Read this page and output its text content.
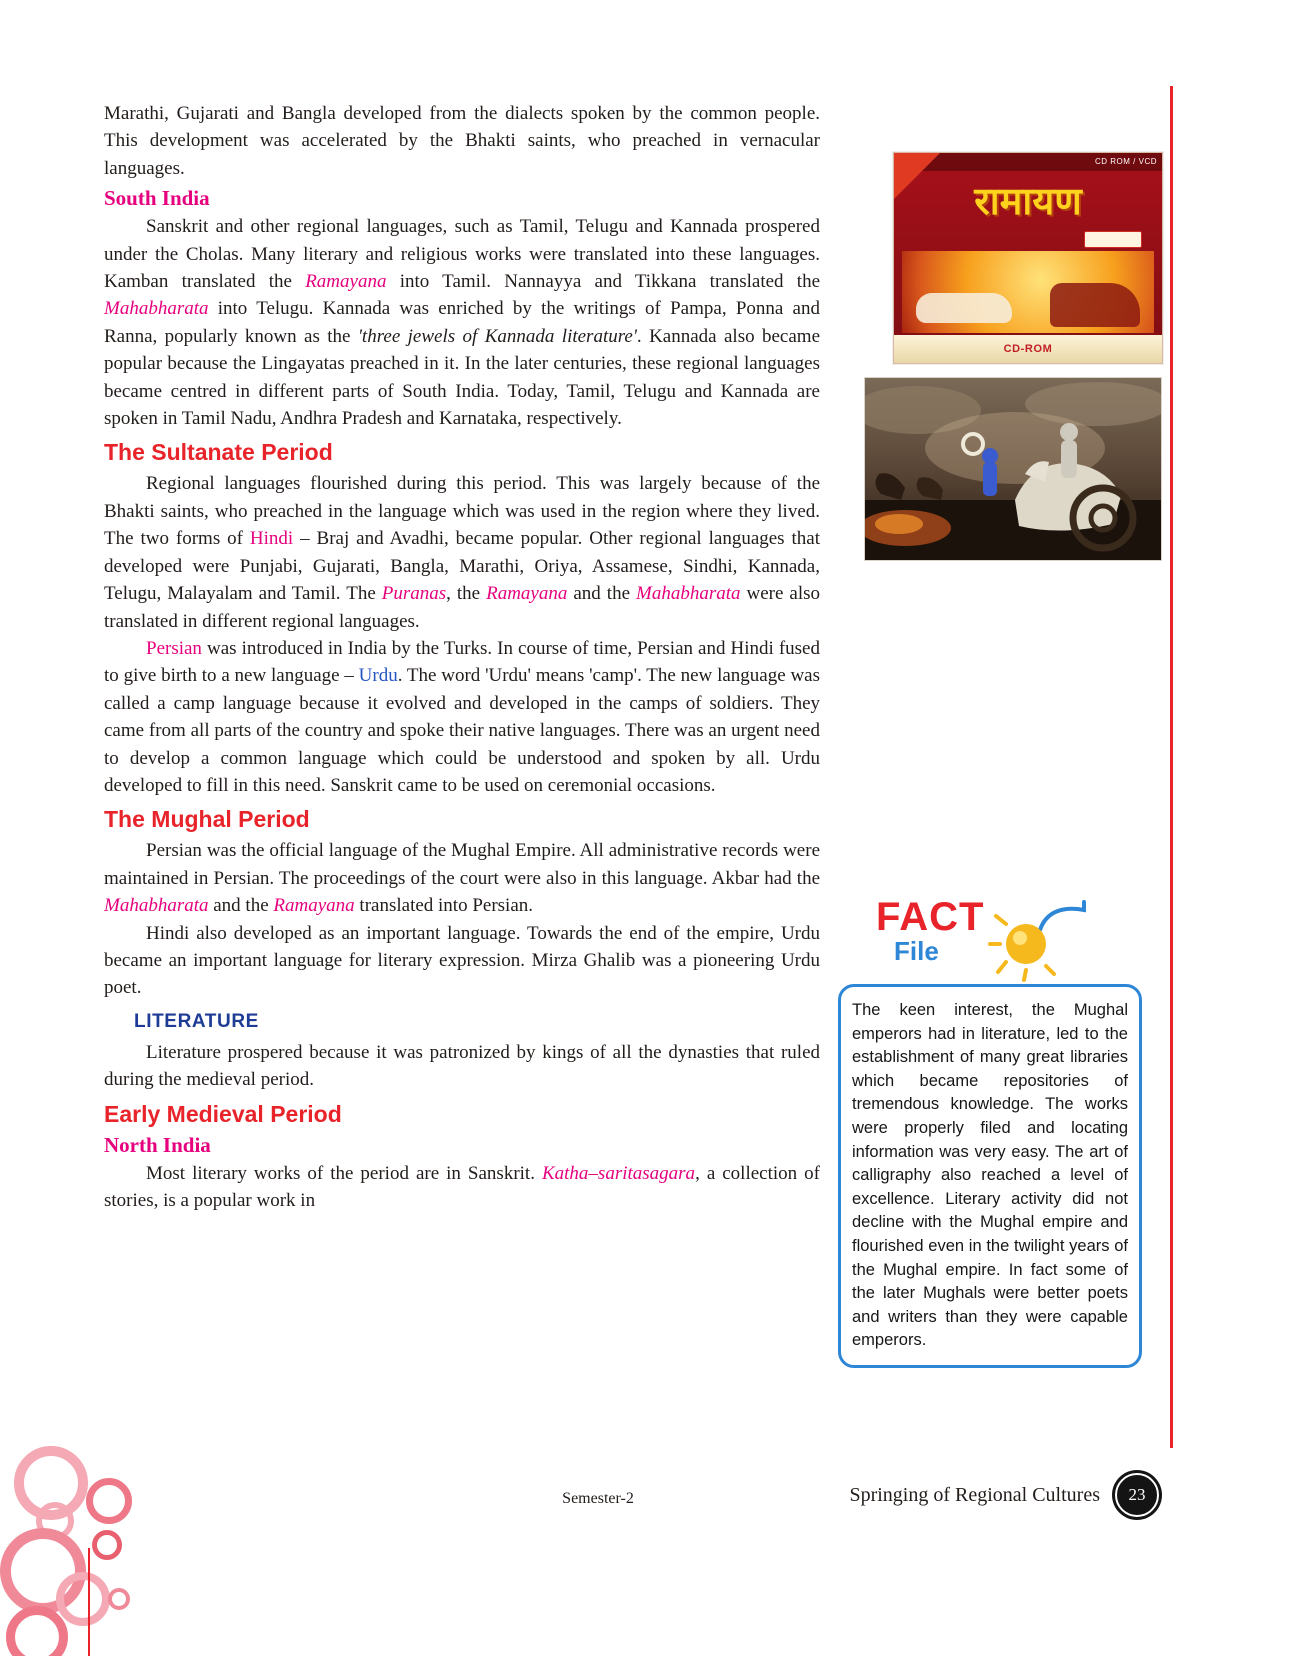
Marathi, Gujarati and Bangla developed from the dialects spoken by the common people. This development was accelerated by the Bhakti saints, who preached in vernacular languages.

South India

Sanskrit and other regional languages, such as Tamil, Telugu and Kannada prospered under the Cholas. Many literary and religious works were translated into these languages. Kamban translated the Ramayana into Tamil. Nannayya and Tikkana translated the Mahabharata into Telugu. Kannada was enriched by the writings of Pampa, Ponna and Ranna, popularly known as the 'three jewels of Kannada literature'. Kannada also became popular because the Lingayatas preached in it. In the later centuries, these regional languages became centred in different parts of South India. Today, Tamil, Telugu and Kannada are spoken in Tamil Nadu, Andhra Pradesh and Karnataka, respectively.

The Sultanate Period

Regional languages flourished during this period. This was largely because of the Bhakti saints, who preached in the language which was used in the region where they lived. The two forms of Hindi – Braj and Avadhi, became popular. Other regional languages that developed were Punjabi, Gujarati, Bangla, Marathi, Oriya, Assamese, Sindhi, Kannada, Telugu, Malayalam and Tamil. The Puranas, the Ramayana and the Mahabharata were also translated in different regional languages.

Persian was introduced in India by the Turks. In course of time, Persian and Hindi fused to give birth to a new language – Urdu. The word 'Urdu' means 'camp'. The new language was called a camp language because it evolved and developed in the camps of soldiers. They came from all parts of the country and spoke their native languages. There was an urgent need to develop a common language which could be understood and spoken by all. Urdu developed to fill in this need. Sanskrit came to be used on ceremonial occasions.

The Mughal Period

Persian was the official language of the Mughal Empire. All administrative records were maintained in Persian. The proceedings of the court were also in this language. Akbar had the Mahabharata and the Ramayana translated into Persian.

Hindi also developed as an important language. Towards the end of the empire, Urdu became an important language for literary expression. Mirza Ghalib was a pioneering Urdu poet.

LITERATURE

Literature prospered because it was patronized by kings of all the dynasties that ruled during the medieval period.

Early Medieval Period
North India

Most literary works of the period are in Sanskrit. Katha–saritasagara, a collection of stories, is a popular work in

CD ROM / VCD
रामायण
CD-ROM
FACT
File
The keen interest, the Mughal emperors had in literature, led to the establishment of many great libraries which became repositories of tremendous knowledge. The works were properly filed and locating information was very easy. The art of calligraphy also reached a level of excellence. Literary activity did not decline with the Mughal empire and flourished even in the twilight years of the Mughal empire. In fact some of the later Mughals were better poets and writers than they were capable emperors.
Semester-2	Springing of Regional Cultures 23
